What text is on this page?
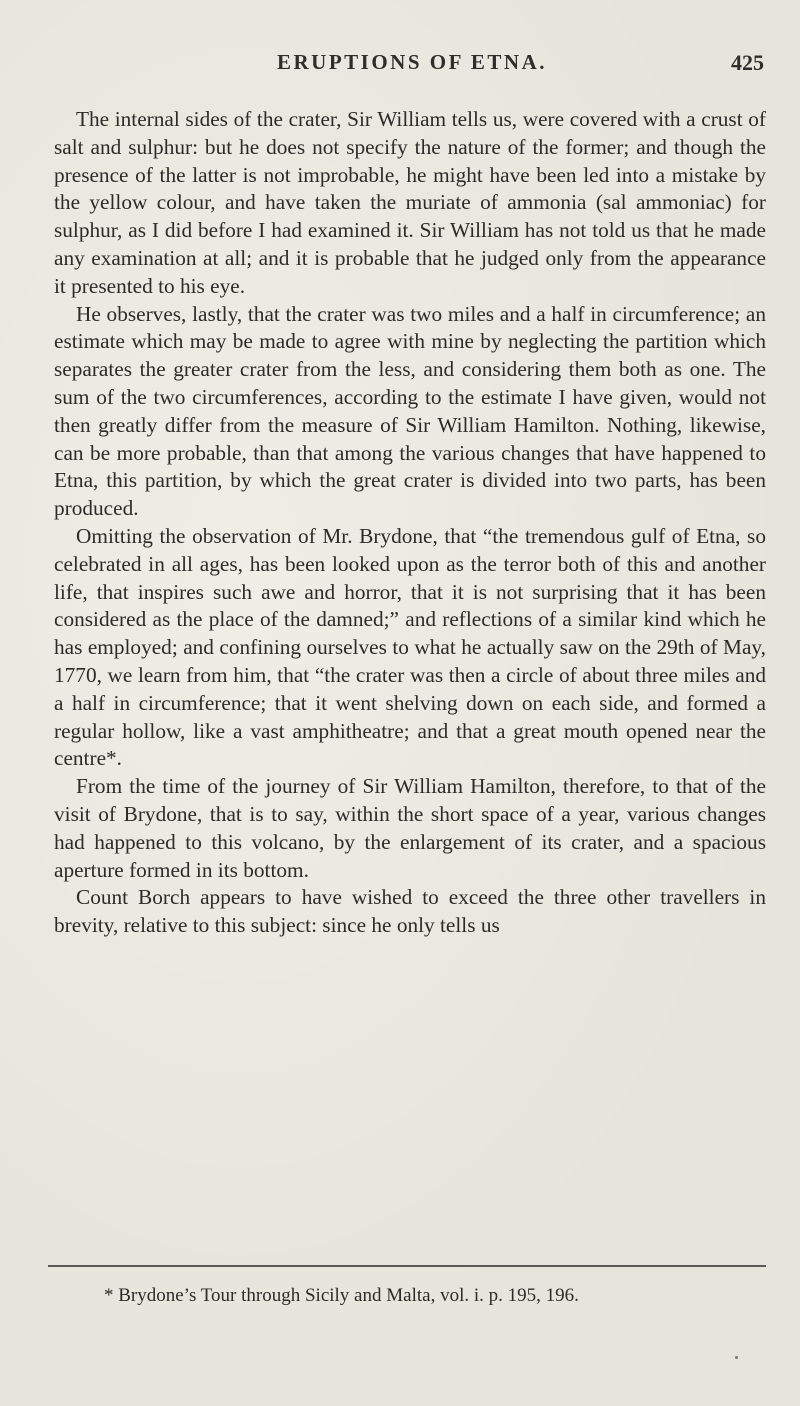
ERUPTIONS OF ETNA.	425

The internal sides of the crater, Sir William tells us, were covered with a crust of salt and sulphur: but he does not specify the nature of the former; and though the presence of the latter is not improbable, he might have been led into a mistake by the yellow colour, and have taken the muriate of ammonia (sal ammoniac) for sulphur, as I did before I had examined it. Sir William has not told us that he made any examination at all; and it is probable that he judged only from the appearance it presented to his eye.

He observes, lastly, that the crater was two miles and a half in circumference; an estimate which may be made to agree with mine by neglecting the partition which separates the greater crater from the less, and considering them both as one. The sum of the two circumferences, according to the estimate I have given, would not then greatly differ from the measure of Sir William Hamilton. Nothing, likewise, can be more probable, than that among the various changes that have happened to Etna, this partition, by which the great crater is divided into two parts, has been produced.

Omitting the observation of Mr. Brydone, that “the tremendous gulf of Etna, so celebrated in all ages, has been looked upon as the terror both of this and another life, that inspires such awe and horror, that it is not surprising that it has been considered as the place of the damned;” and reflections of a similar kind which he has employed; and confining ourselves to what he actually saw on the 29th of May, 1770, we learn from him, that “the crater was then a circle of about three miles and a half in circumference; that it went shelving down on each side, and formed a regular hollow, like a vast amphitheatre; and that a great mouth opened near the centre*.

From the time of the journey of Sir William Hamilton, therefore, to that of the visit of Brydone, that is to say, within the short space of a year, various changes had happened to this volcano, by the enlargement of its crater, and a spacious aperture formed in its bottom.

Count Borch appears to have wished to exceed the three other travellers in brevity, relative to this subject: since he only tells us

* Brydone’s Tour through Sicily and Malta, vol. i. p. 195, 196.
